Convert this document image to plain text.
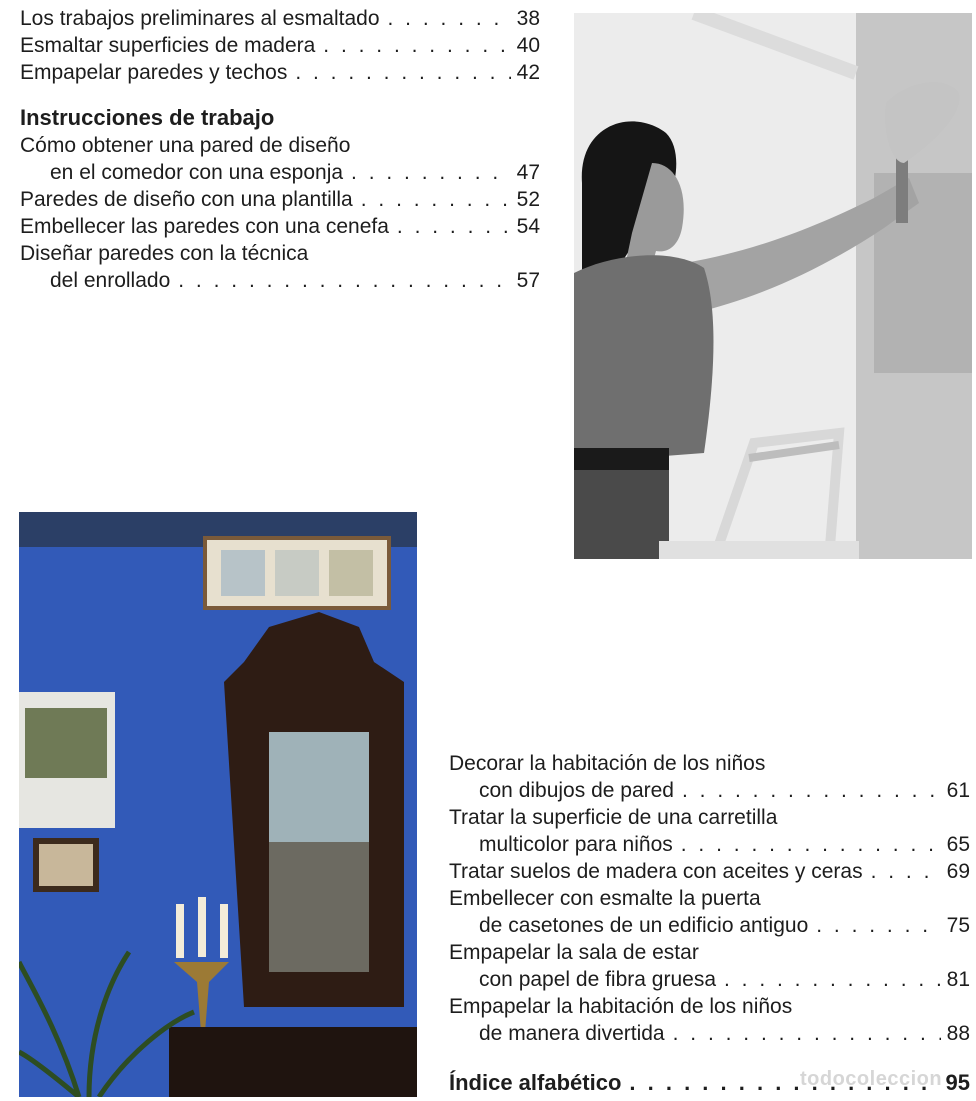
Los trabajos preliminares al esmaltado . . .	38
Esmaltar superficies de madera . . .	40
Empapelar paredes y techos . . .	42
Instrucciones de trabajo
Cómo obtener una pared de diseño
en el comedor con una esponja . . .	47
Paredes de diseño con una plantilla . . .	52
Embellecer las paredes con una cenefa . . .	54
Diseñar paredes con la técnica
del enrollado . . .	57
Decorar la habitación de los niños
con dibujos de pared . . .	61
Tratar la superficie de una carretilla
multicolor para niños . . .	65
Tratar suelos de madera con aceites y ceras . . .	69
Embellecer con esmalte la puerta
de casetones de un edificio antiguo . . .	75
Empapelar la sala de estar
con papel de fibra gruesa . . .	81
Empapelar la habitación de los niños
de manera divertida . . .	88
Índice alfabético . . .	95
todocoleccion
